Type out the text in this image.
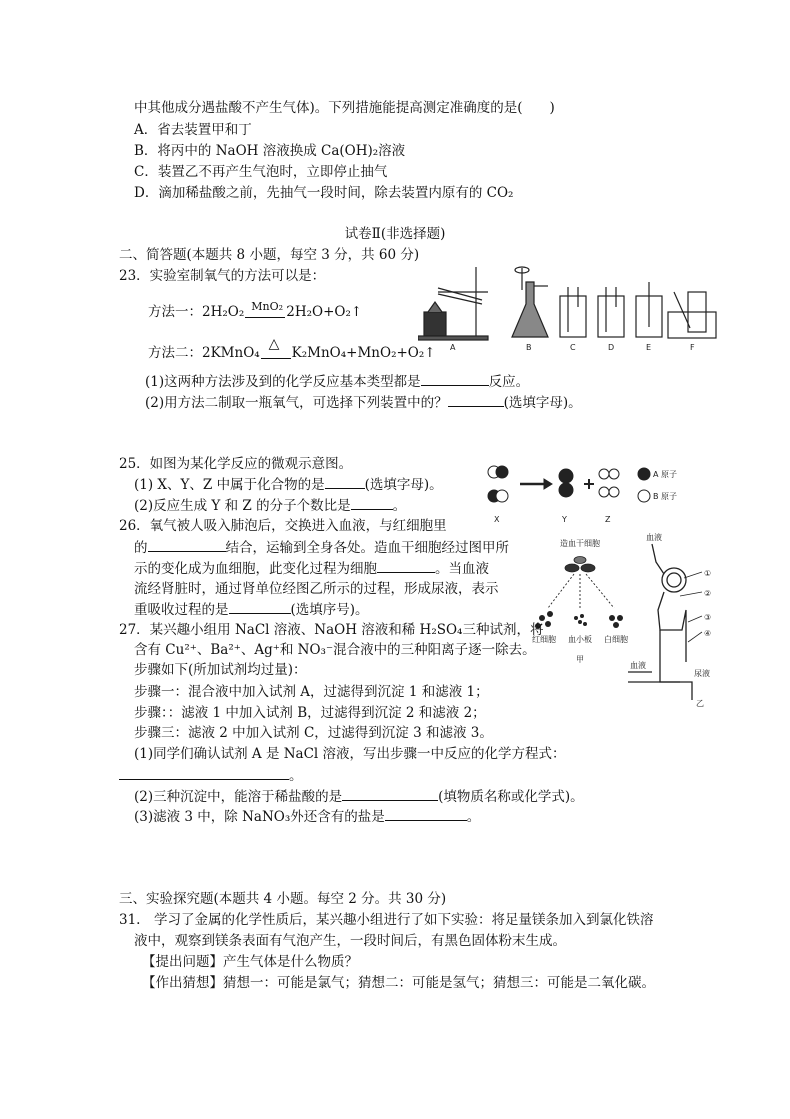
中其他成分遇盐酸不产生气体)。下列措施能提高测定准确度的是(　　)
A．省去装置甲和丁
B．将丙中的 NaOH 溶液换成 Ca(OH)₂溶液
C．装置乙不再产生气泡时，立即停止抽气
D．滴加稀盐酸之前，先抽气一段时间，除去装置内原有的 CO₂
试卷Ⅱ(非选择题)
二、简答题(本题共 8 小题，每空 3 分，共 60 分)
23．实验室制氧气的方法可以是：
方法一：2H₂O₂ MnO₂ 2H₂O+O₂↑
方法二：2KMnO₄
△
K₂MnO₄+MnO₂+O₂↑
(1)这两种方法涉及到的化学反应基本类型都是	反应。
(2)用方法二制取一瓶氧气，可选择下列装置中的？	(选填字母)。
A	B	C	D	E	F
25．如图为某化学反应的微观示意图。
(1) X、Y、Z 中属于化合物的是	(选填字母)。
(2)反应生成 Y 和 Z 的分子个数比是	。
X	Y	Z
A 原子
B 原子
26．氧气被人吸入肺泡后，交换进入血液，与红细胞里
的	结合，运输到全身各处。造血干细胞经过图甲所
示的变化成为血细胞，此变化过程为细胞	。当血液
流经肾脏时，通过肾单位经图乙所示的过程，形成尿液，表示
重吸收过程的是	(选填序号)。
造血干细胞
红细胞 血小板 白细胞
甲
血液
①
②
③
④
血液
尿液
乙
27．某兴趣小组用 NaCl 溶液、NaOH 溶液和稀 H₂SO₄三种试剂，将
含有 Cu²⁺、Ba²⁺、Ag⁺和 NO₃⁻混合液中的三种阳离子逐一除去。
步骤如下(所加试剂均过量)：
步骤一：混合液中加入试剂 A，过滤得到沉淀 1 和滤液 1；
步骤：：滤液 1 中加入试剂 B，过滤得到沉淀 2 和滤液 2；
步骤三：滤液 2 中加入试剂 C，过滤得到沉淀 3 和滤液 3。
(1)同学们确认试剂 A 是 NaCl 溶液，写出步骤一中反应的化学方程式：
。
(2)三种沉淀中，能溶于稀盐酸的是	(填物质名称或化学式)。
(3)滤液 3 中，除 NaNO₃外还含有的盐是	。
三、实验探究题(本题共 4 小题。每空 2 分。共 30 分)
31.　学习了金属的化学性质后，某兴趣小组进行了如下实验：将足量镁条加入到氯化铁溶
液中，观察到镁条表面有气泡产生，一段时间后，有黑色固体粉末生成。
【提出问题】产生气体是什么物质？
【作出猜想】猜想一：可能是氯气；猜想二：可能是氢气；猜想三：可能是二氧化碳。
